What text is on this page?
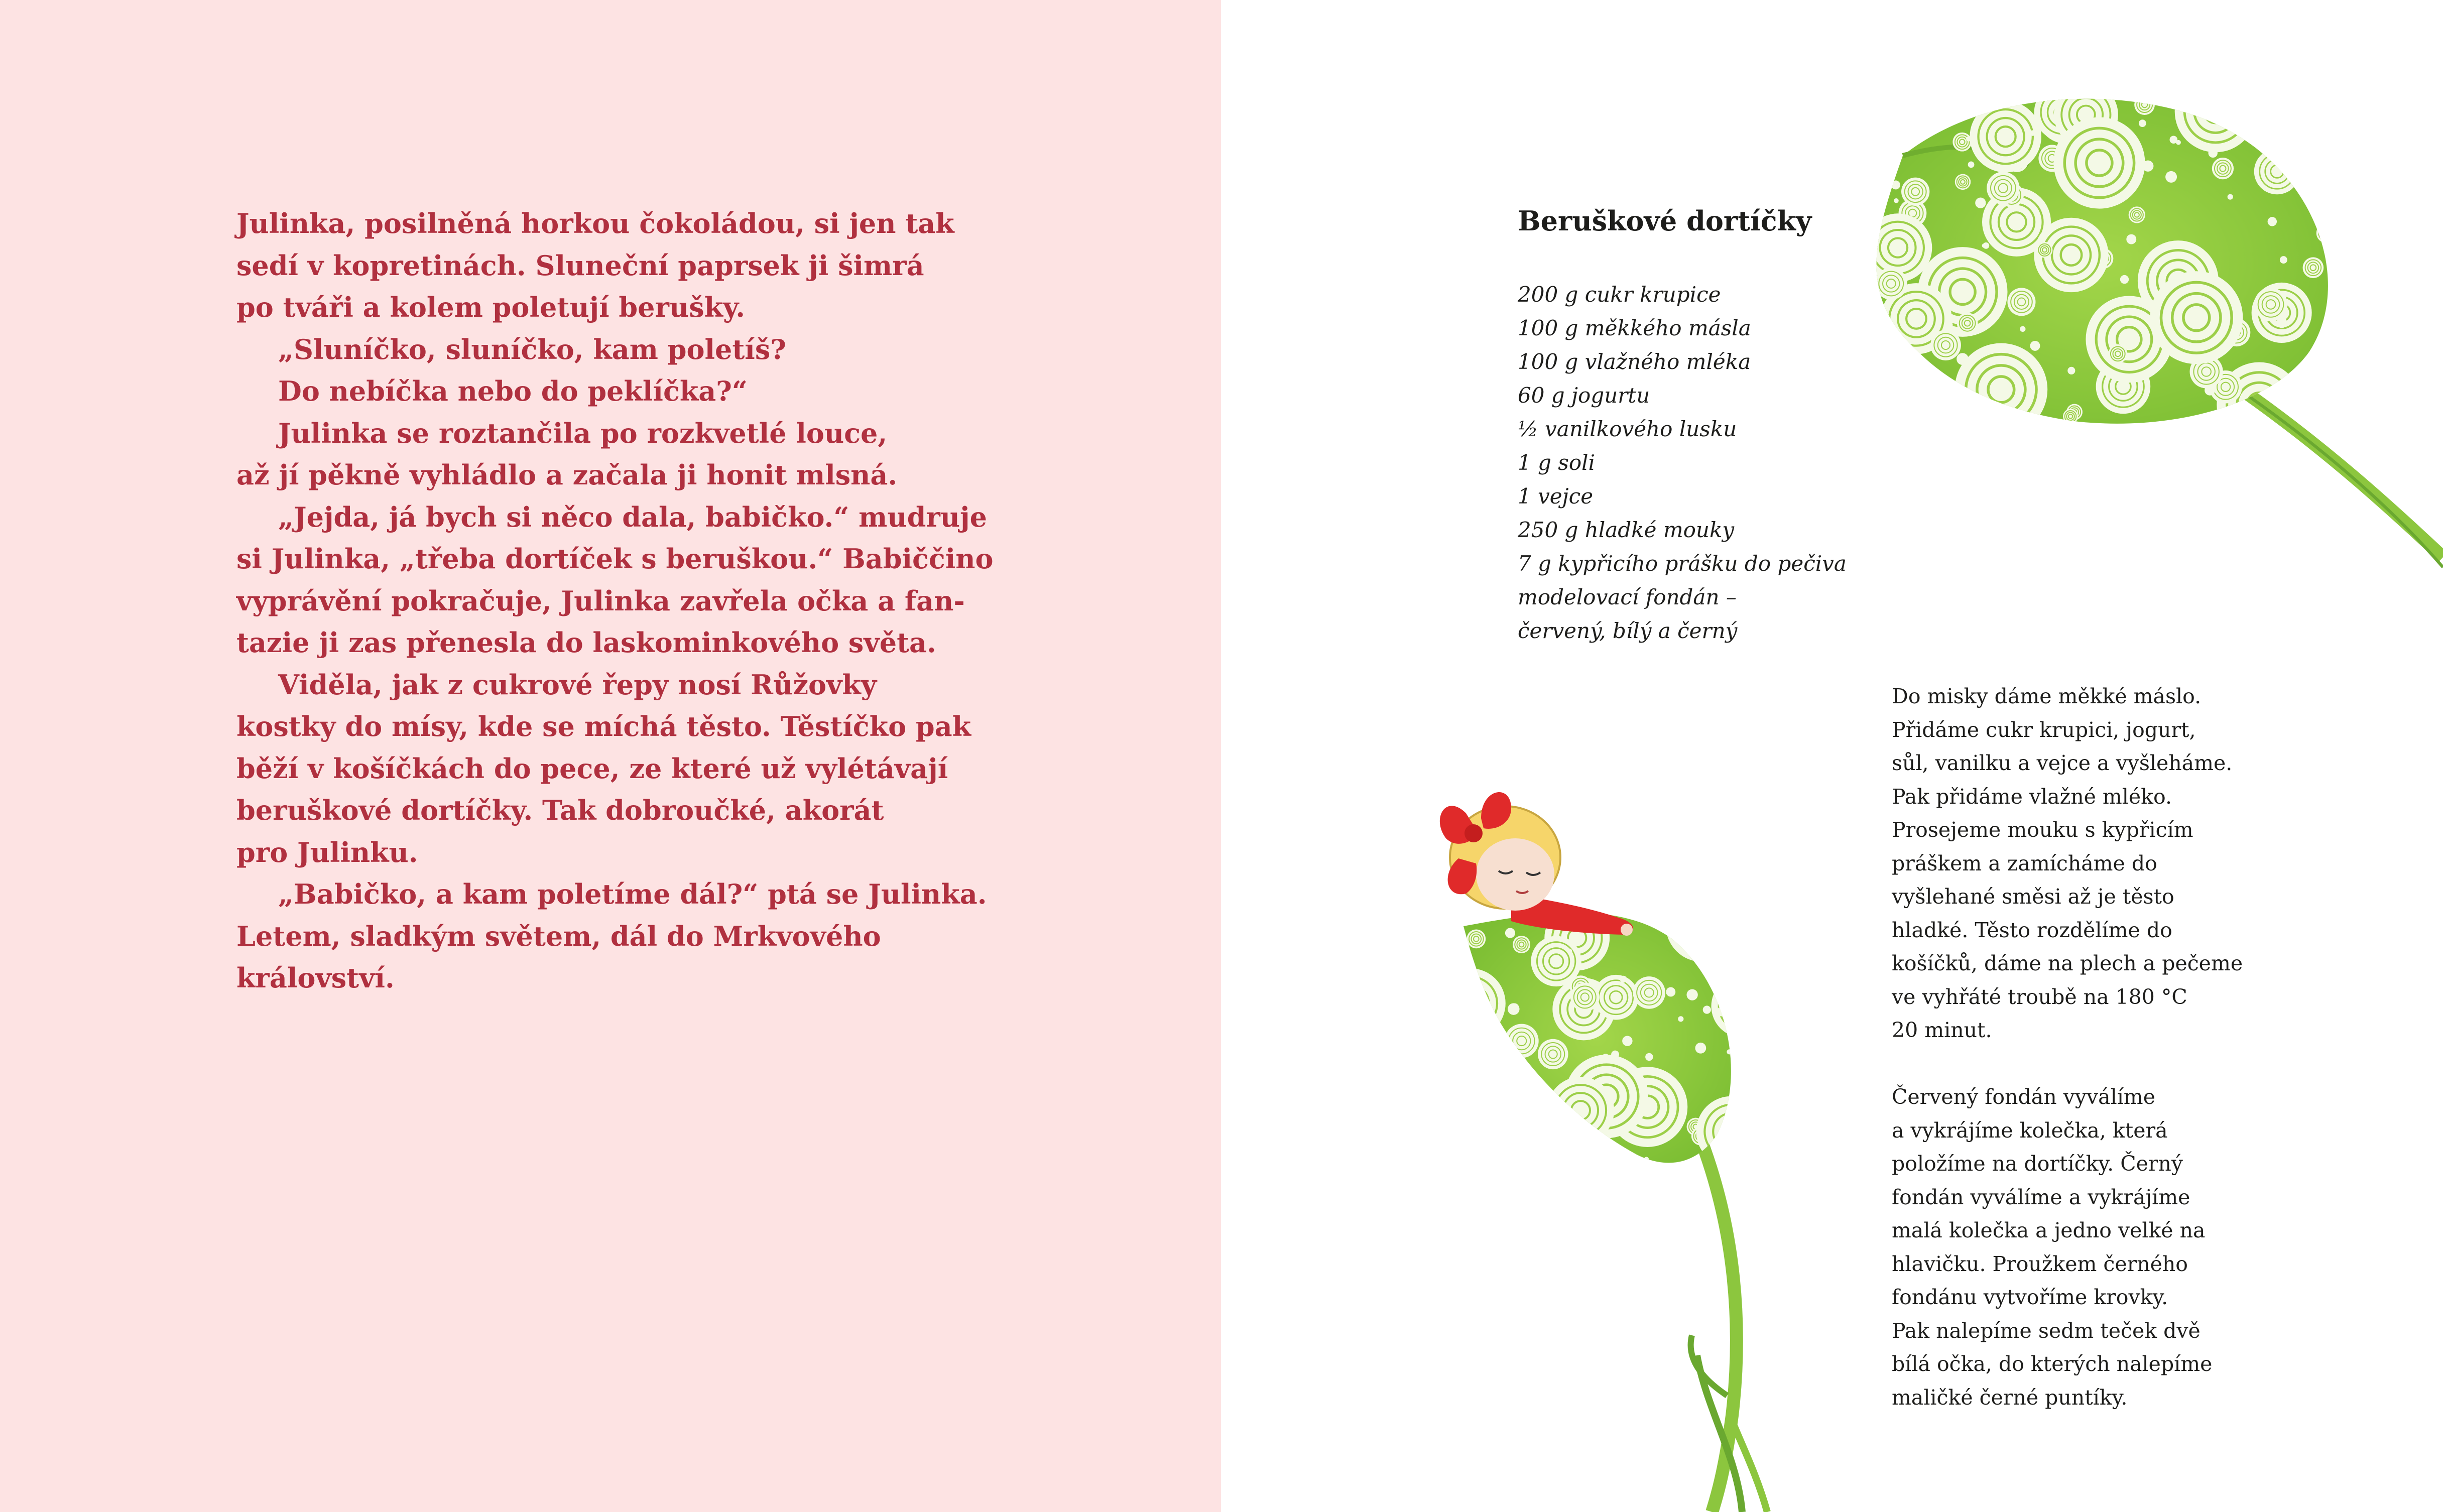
Julinka, posilněná horkou čokoládou, si jen tak
sedí v kopretinách. Sluneční paprsek ji šimrá
po tváři a kolem poletují berušky.
„Sluníčko, sluníčko, kam poletíš?
Do nebíčka nebo do peklíčka?“
Julinka se roztančila po rozkvetlé louce,
až jí pěkně vyhládlo a začala ji honit mlsná.
„Jejda, já bych si něco dala, babičko.“ mudruje
si Julinka, „třeba dortíček s beruškou.“ Babiččino
vyprávění pokračuje, Julinka zavřela očka a fan-
tazie ji zas přenesla do laskominkového světa.
Viděla, jak z cukrové řepy nosí Růžovky
kostky do mísy, kde se míchá těsto. Těstíčko pak
běží v košíčkách do pece, ze které už vylétávají
beruškové dortíčky. Tak dobroučké, akorát
pro Julinku.
„Babičko, a kam poletíme dál?“ ptá se Julinka.
Letem, sladkým světem, dál do Mrkvového
království.
Beruškové dortíčky
200 g cukr krupice
100 g měkkého másla
100 g vlažného mléka
60 g jogurtu
½ vanilkového lusku
1 g soli
1 vejce
250 g hladké mouky
7 g kypřicího prášku do pečiva
modelovací fondán –
červený, bílý a černý
Do misky dáme měkké máslo.
Přidáme cukr krupici, jogurt,
sůl, vanilku a vejce a vyšleháme.
Pak přidáme vlažné mléko.
Prosejeme mouku s kypřicím
práškem a zamícháme do
vyšlehané směsi až je těsto
hladké. Těsto rozdělíme do
košíčků, dáme na plech a pečeme
ve vyhřáté troubě na 180 °C
20 minut.
Červený fondán vyválíme
a vykrájíme kolečka, která
položíme na dortíčky. Černý
fondán vyválíme a vykrájíme
malá kolečka a jedno velké na
hlavičku. Proužkem černého
fondánu vytvoříme krovky.
Pak nalepíme sedm teček dvě
bílá očka, do kterých nalepíme
maličké černé puntíky.
